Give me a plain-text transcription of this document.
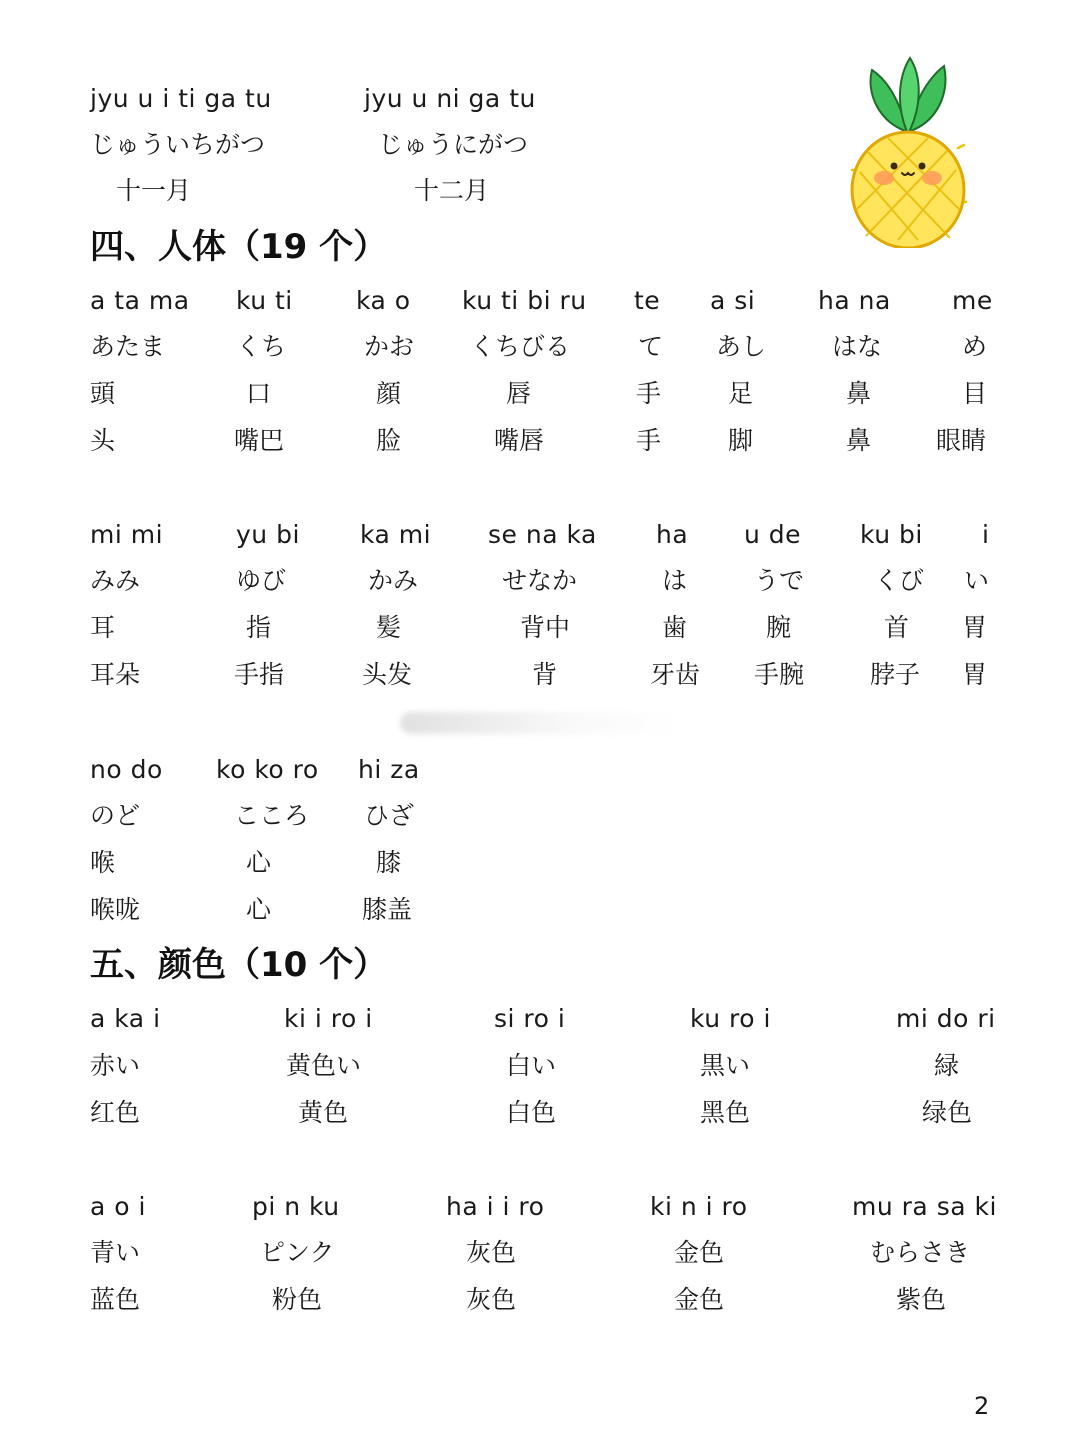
jyu u i ti ga tu
じゅういちがつ
十一月
jyu u ni ga tu
じゅうにがつ
十二月
四、人体（19 个）
a ta ma
あたま
頭
头
ku ti
くち
口
嘴巴
ka o
かお
顔
脸
ku ti bi ru
くちびる
唇
嘴唇
te
て
手
手
a si
あし
足
脚
ha na
はな
鼻
鼻
me
め
目
眼睛
mi mi
みみ
耳
耳朵
yu bi
ゆび
指
手指
ka mi
かみ
髪
头发
se na ka
せなか
背中
背
ha
は
歯
牙齿
u de
うで
腕
手腕
ku bi
くび
首
脖子
i
い
胃
胃
no do
のど
喉
喉咙
ko ko ro
こころ
心
心
hi za
ひざ
膝
膝盖
五、颜色（10 个）
a ka i
赤い
红色
ki i ro i
黄色い
黄色
si ro i
白い
白色
ku ro i
黒い
黑色
mi do ri
緑
绿色
a o i
青い
蓝色
pi n ku
ピンク
粉色
ha i i ro
灰色
灰色
ki n i ro
金色
金色
mu ra sa ki
むらさき
紫色
2
